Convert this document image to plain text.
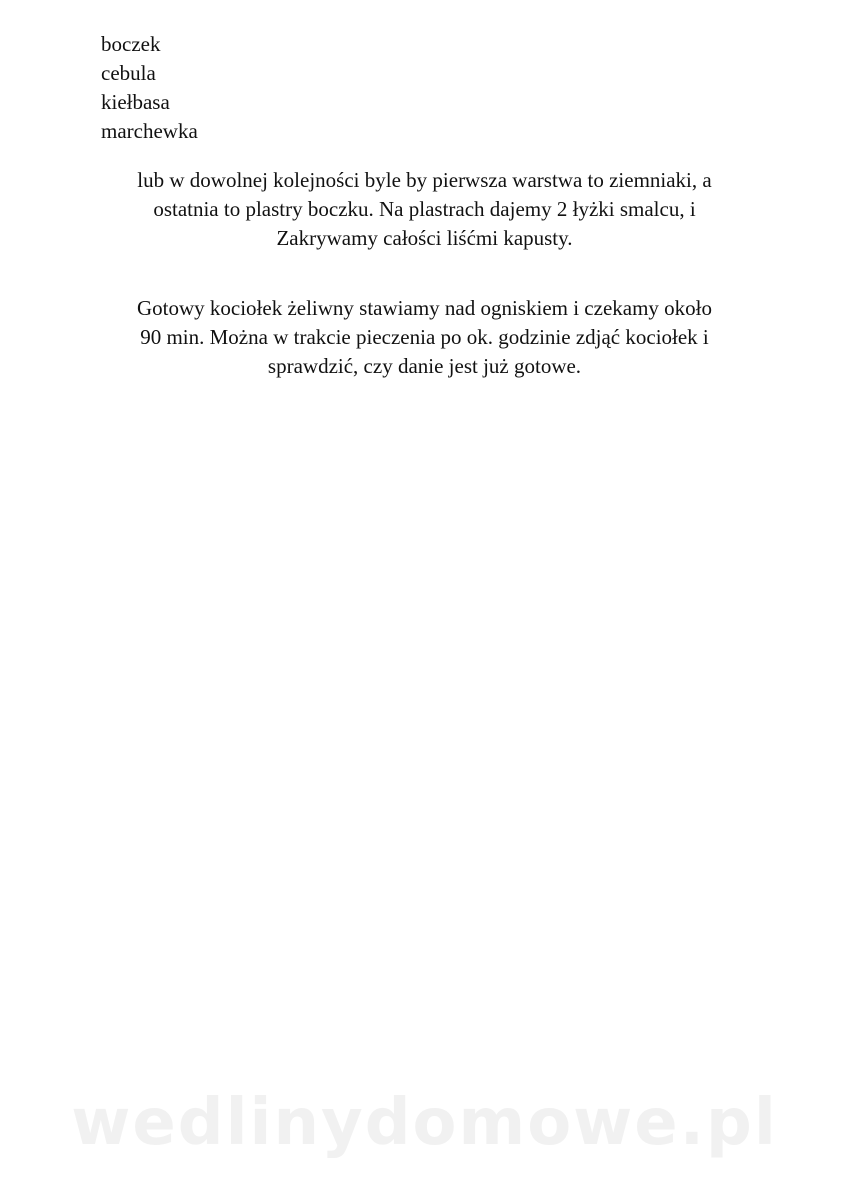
boczek
cebula
kiełbasa
marchewka
lub w dowolnej kolejności byle by pierwsza warstwa to ziemniaki, a
ostatnia to plastry boczku. Na plastrach dajemy 2 łyżki smalcu, i
Zakrywamy całości liśćmi kapusty.
Gotowy kociołek żeliwny stawiamy nad ogniskiem i czekamy około
90 min. Można w trakcie pieczenia po ok. godzinie zdjąć kociołek i
sprawdzić, czy danie jest już gotowe.
wedlinydomowe.pl
